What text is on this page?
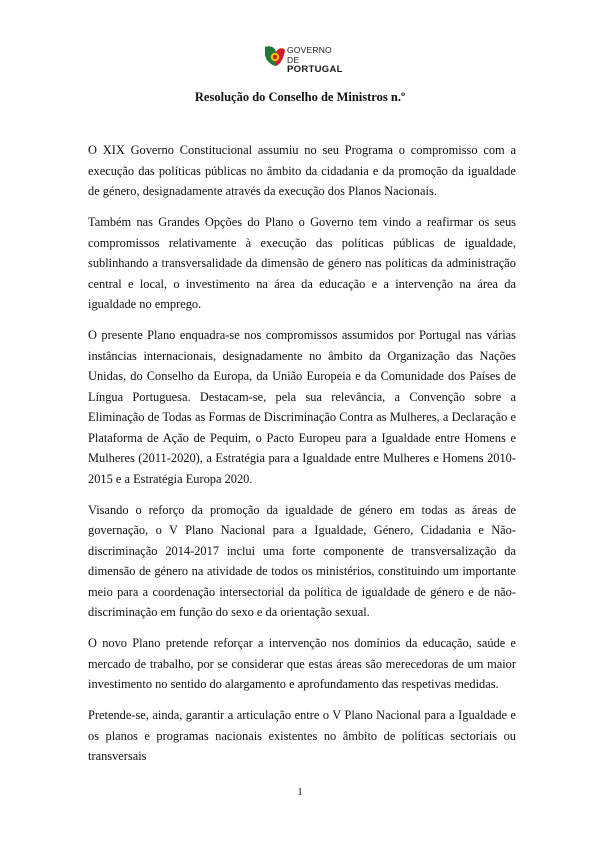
GOVERNO DE
PORTUGAL
Resolução do Conselho de Ministros n.º

O XIX Governo Constitucional assumiu no seu Programa o compromisso com a execução das políticas públicas no âmbito da cidadania e da promoção da igualdade de género, designadamente através da execução dos Planos Nacionais.

Também nas Grandes Opções do Plano o Governo tem vindo a reafirmar os seus compromissos relativamente à execução das políticas públicas de igualdade, sublinhando a transversalidade da dimensão de género nas políticas da administração central e local, o investimento na área da educação e a intervenção na área da igualdade no emprego.

O presente Plano enquadra-se nos compromissos assumidos por Portugal nas várias instâncias internacionais, designadamente no âmbito da Organização das Nações Unidas, do Conselho da Europa, da União Europeia e da Comunidade dos Países de Língua Portuguesa. Destacam-se, pela sua relevância, a Convenção sobre a Eliminação de Todas as Formas de Discriminação Contra as Mulheres, a Declaração e Plataforma de Ação de Pequim, o Pacto Europeu para a Igualdade entre Homens e Mulheres (2011-2020), a Estratégia para a Igualdade entre Mulheres e Homens 2010-2015 e a Estratégia Europa 2020.

Visando o reforço da promoção da igualdade de género em todas as áreas de governação, o V Plano Nacional para a Igualdade, Género, Cidadania e Não-discriminação 2014-2017 inclui uma forte componente de transversalização da dimensão de género na atividade de todos os ministérios, constituindo um importante meio para a coordenação intersectorial da política de igualdade de género e de não-discriminação em função do sexo e da orientação sexual.

O novo Plano pretende reforçar a intervenção nos domínios da educação, saúde e mercado de trabalho, por se considerar que estas áreas são merecedoras de um maior investimento no sentido do alargamento e aprofundamento das respetivas medidas.

Pretende-se, ainda, garantir a articulação entre o V Plano Nacional para a Igualdade e os planos e programas nacionais existentes no âmbito de políticas sectoriais ou transversais

1
